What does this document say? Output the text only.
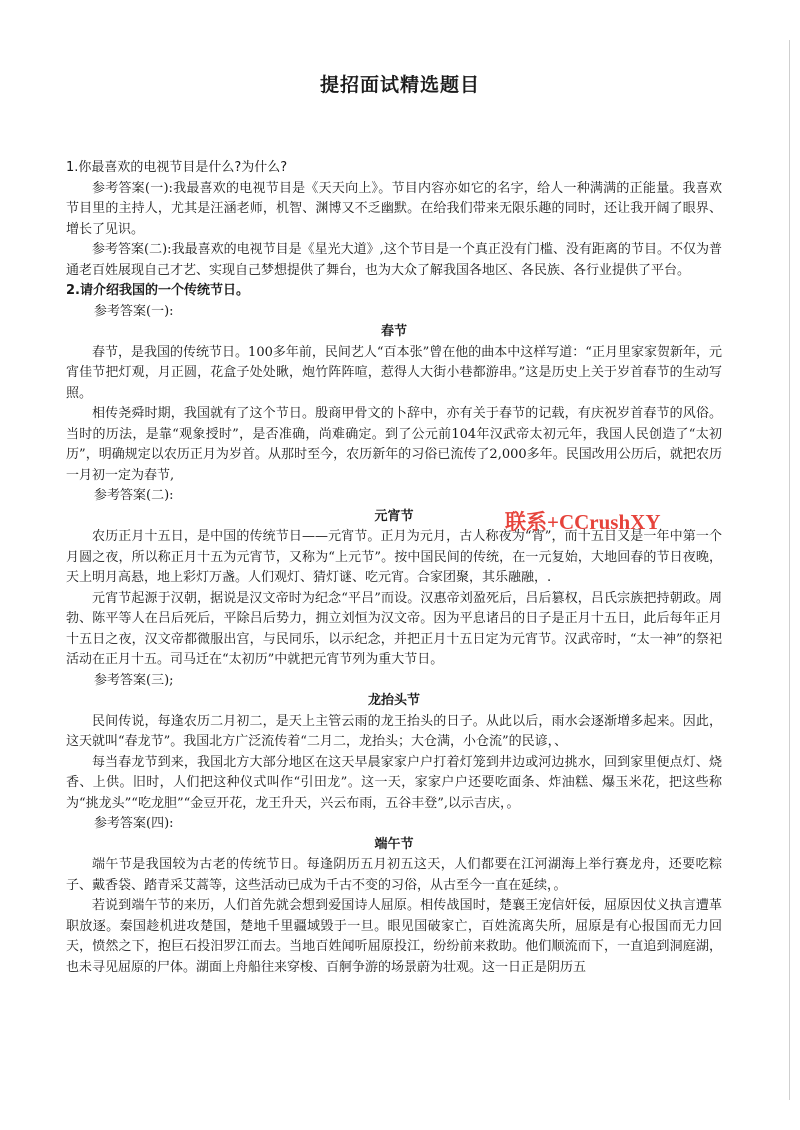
提招面试精选题目

1.你最喜欢的电视节目是什么?为什么?

参考答案(一):我最喜欢的电视节目是《天天向上》。节目内容亦如它的名字，给人一种满满的正能量。我喜欢节目里的主持人，尤其是汪涵老师，机智、渊博又不乏幽默。在给我们带来无限乐趣的同时，还让我开阔了眼界、增长了见识。

参考答案(二):我最喜欢的电视节目是《星光大道》,这个节目是一个真正没有门槛、没有距离的节目。不仅为普通老百姓展现自己才艺、实现自己梦想提供了舞台，也为大众了解我国各地区、各民族、各行业提供了平台。

2.请介绍我国的一个传统节日。

参考答案(一):

春节

春节，是我国的传统节日。100多年前，民间艺人“百本张”曾在他的曲本中这样写道：“正月里家家贺新年，元宵佳节把灯观，月正圆，花盒子处处瞅，炮竹阵阵喧，惹得人大街小巷都游串。”这是历史上关于岁首春节的生动写照。

相传尧舜时期，我国就有了这个节日。殷商甲骨文的卜辞中，亦有关于春节的记载，有庆祝岁首春节的风俗。当时的历法，是靠“观象授时”，是否准确，尚难确定。到了公元前104年汉武帝太初元年，我国人民创造了“太初历”，明确规定以农历正月为岁首。从那时至今，农历新年的习俗已流传了2,000多年。民国改用公历后，就把农历一月初一定为春节,

参考答案(二):

元宵节

农历正月十五日，是中国的传统节日——元宵节。正月为元月，古人称夜为“宵”，而十五日又是一年中第一个月圆之夜，所以称正月十五为元宵节，又称为“上元节”。按中国民间的传统，在一元复始，大地回春的节日夜晚，天上明月高悬，地上彩灯万盏。人们观灯、猜灯谜、吃元宵。合家团聚，其乐融融，.

元宵节起源于汉朝，据说是汉文帝时为纪念“平吕”而设。汉惠帝刘盈死后，吕后篡权，吕氏宗族把持朝政。周勃、陈平等人在吕后死后，平除吕后势力，拥立刘恒为汉文帝。因为平息诸吕的日子是正月十五日，此后每年正月十五日之夜，汉文帝都微服出宫，与民同乐，以示纪念，并把正月十五日定为元宵节。汉武帝时，“太一神”的祭祀活动在正月十五。司马迁在“太初历”中就把元宵节列为重大节日。

参考答案(三);

龙抬头节

民间传说，每逢农历二月初二，是天上主管云雨的龙王抬头的日子。从此以后，雨水会逐渐增多起来。因此，这天就叫“春龙节”。我国北方广泛流传着“二月二，龙抬头；大仓满，小仓流”的民谚，、

每当春龙节到来，我国北方大部分地区在这天早晨家家户户打着灯笼到井边或河边挑水，回到家里便点灯、烧香、上供。旧时，人们把这种仪式叫作“引田龙”。这一天，家家户户还要吃面条、炸油糕、爆玉米花，把这些称为“挑龙头”“吃龙胆”“金豆开花，龙王升天，兴云布雨，五谷丰登”,以示吉庆，。

参考答案(四):

端午节

端午节是我国较为古老的传统节日。每逢阴历五月初五这天，人们都要在江河湖海上举行赛龙舟，还要吃粽子、戴香袋、踏青采艾蒿等，这些活动已成为千古不变的习俗，从古至今一直在延续，。

若说到端午节的来历，人们首先就会想到爱国诗人屈原。相传战国时，楚襄王宠信奸佞，屈原因仗义执言遭革职放逐。秦国趁机进攻楚国，楚地千里疆域毁于一旦。眼见国破家亡，百姓流离失所，屈原是有心报国而无力回天，愤然之下，抱巨石投汨罗江而去。当地百姓闻听屈原投江，纷纷前来救助。他们顺流而下，一直追到洞庭湖，也未寻见屈原的尸体。湖面上舟船往来穿梭、百舸争游的场景蔚为壮观。这一日正是阴历五

联系+CCrushXY
